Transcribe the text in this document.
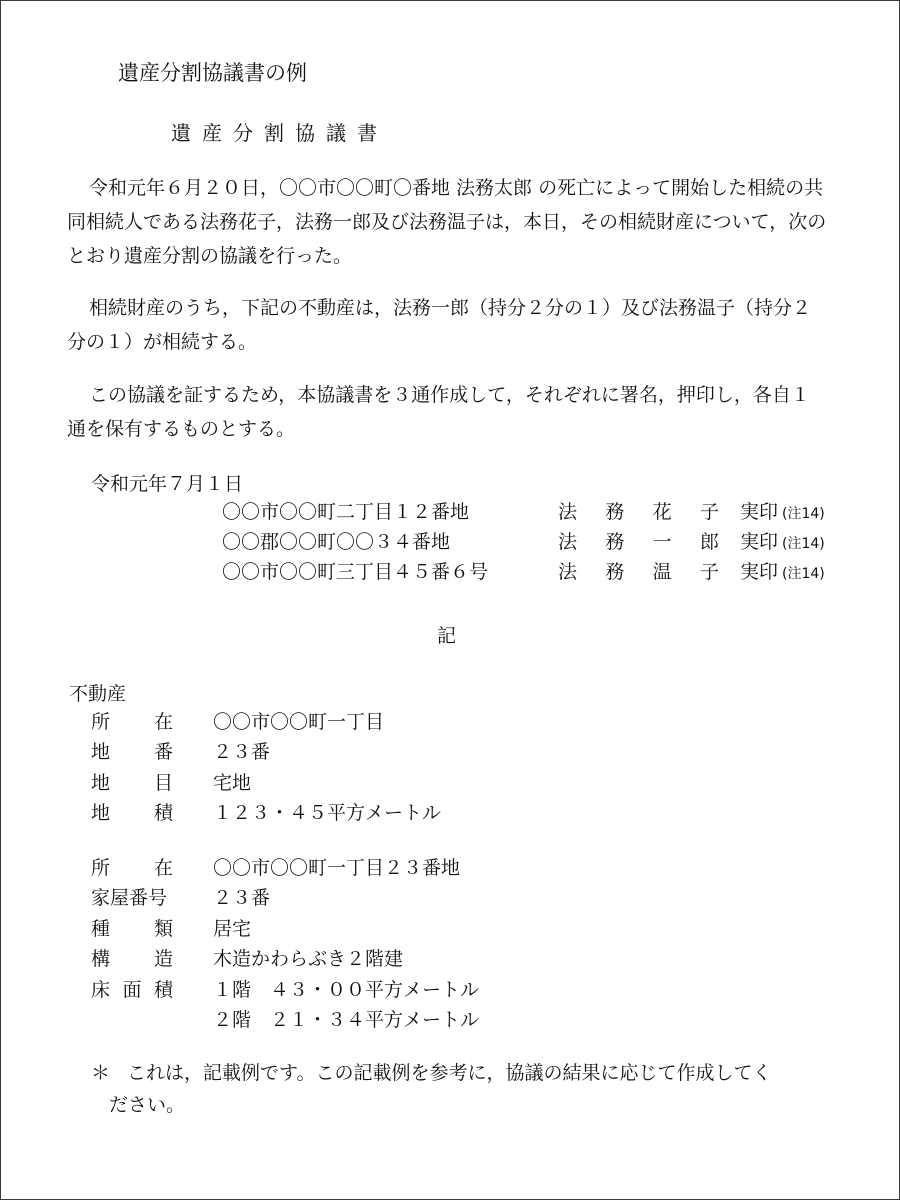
遺産分割協議書の例
遺産分割協議書

令和元年６月２０日，〇〇市〇〇町〇番地 法務太郎 の死亡によって開始した相続の共同相続人である法務花子，法務一郎及び法務温子は，本日，その相続財産について，次のとおり遺産分割の協議を行った。

相続財産のうち，下記の不動産は，法務一郎（持分２分の１）及び法務温子（持分２分の１）が相続する。

この協議を証するため，本協議書を３通作成して，それぞれに署名，押印し，各自１通を保有するものとする。

令和元年７月１日
〇〇市〇〇町二丁目１２番地	法 務 花 子 実印 (注14)
〇〇郡〇〇町〇〇３４番地	法 務 一 郎 実印 (注14)
〇〇市〇〇町三丁目４５番６号	法 務 温 子 実印 (注14)
記
不動産
所 在 〇〇市〇〇町一丁目
地 番 ２３番
地 目 宅地
地 積 １２３・４５平方メートル
所 在 〇〇市〇〇町一丁目２３番地
家屋番号	２３番
種 類 居宅
構 造 木造かわらぶき２階建
床 面 積 １階　４３・００平方メートル
２階　２１・３４平方メートル
＊ これは，記載例です。この記載例を参考に，協議の結果に応じて作成してく
ださい。
